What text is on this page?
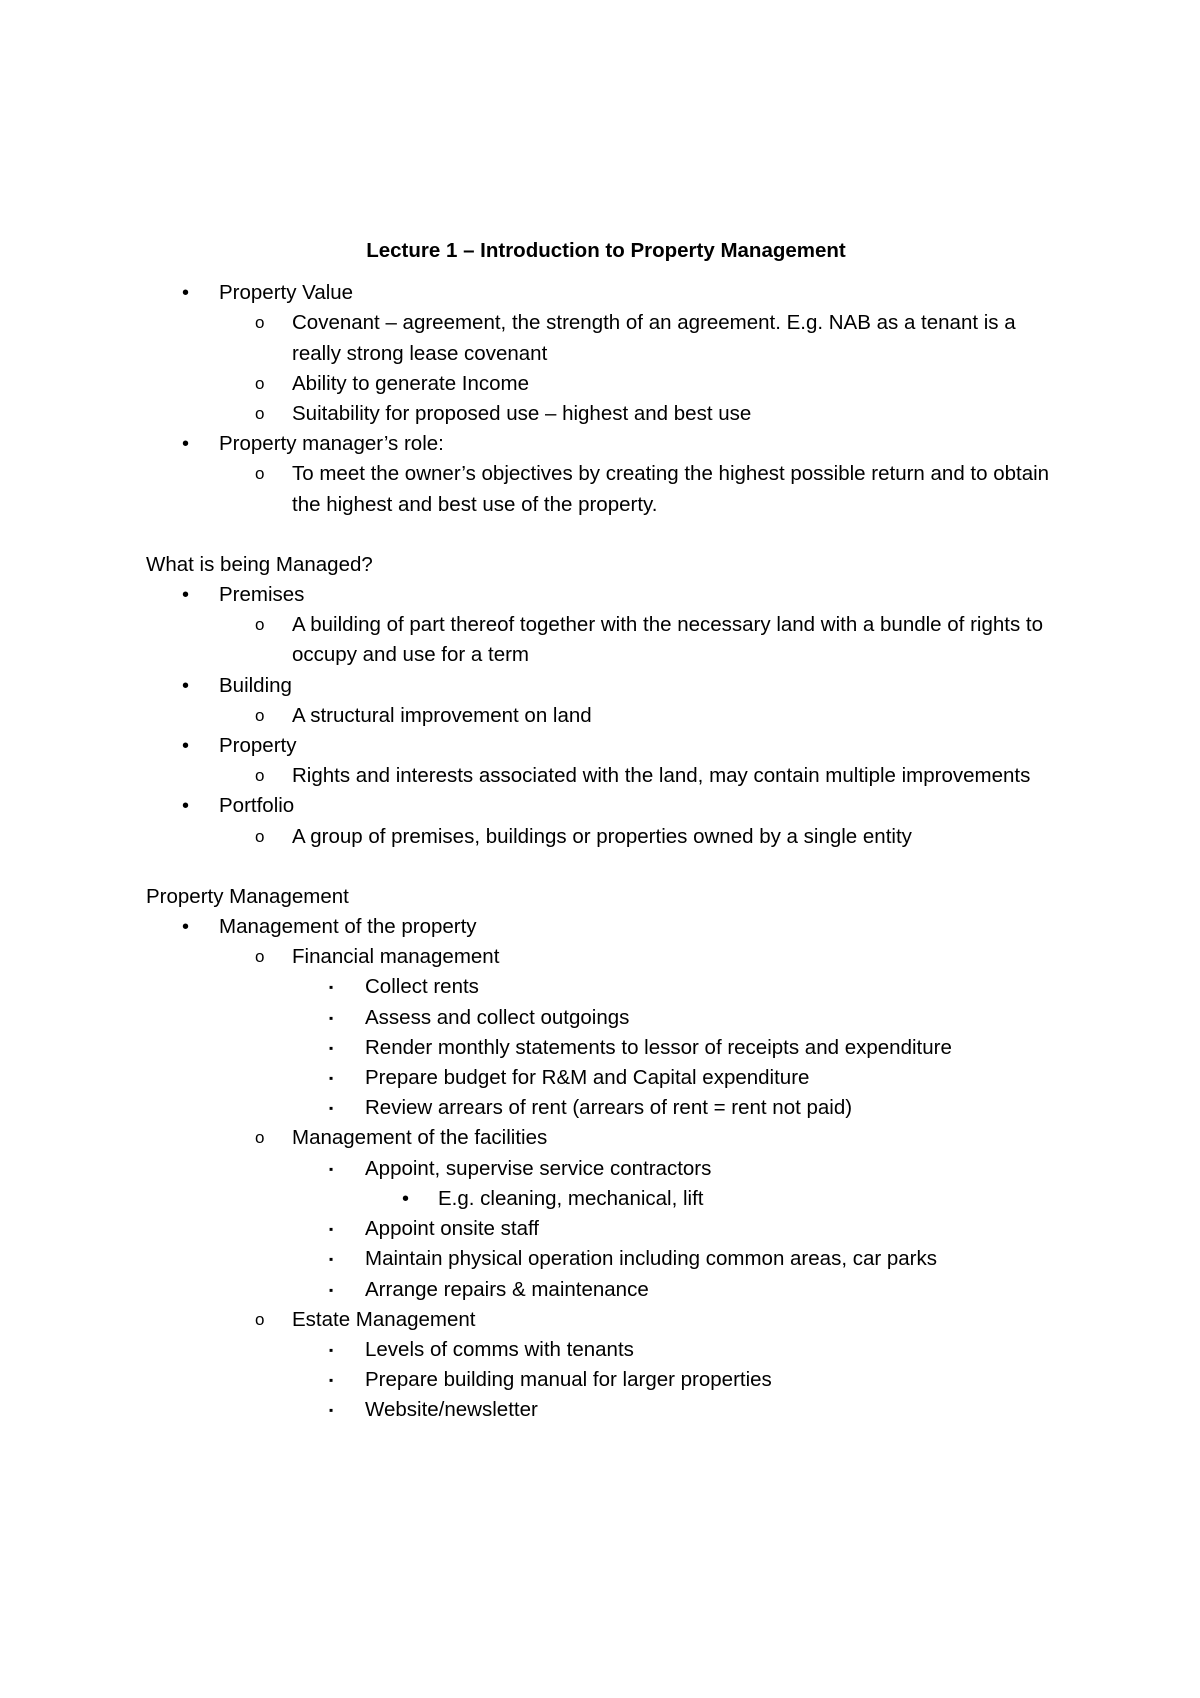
Lecture 1 – Introduction to Property Management
• Property Value
o Covenant – agreement, the strength of an agreement. E.g. NAB as a tenant is a really strong lease covenant
o Ability to generate Income
o Suitability for proposed use – highest and best use
• Property manager’s role:
o To meet the owner’s objectives by creating the highest possible return and to obtain the highest and best use of the property.
What is being Managed?
• Premises
o A building of part thereof together with the necessary land with a bundle of rights to occupy and use for a term
• Building
o A structural improvement on land
• Property
o Rights and interests associated with the land, may contain multiple improvements
• Portfolio
o A group of premises, buildings or properties owned by a single entity
Property Management
• Management of the property
o Financial management
▪ Collect rents
▪ Assess and collect outgoings
▪ Render monthly statements to lessor of receipts and expenditure
▪ Prepare budget for R&M and Capital expenditure
▪ Review arrears of rent (arrears of rent = rent not paid)
o Management of the facilities
▪ Appoint, supervise service contractors
• E.g. cleaning, mechanical, lift
▪ Appoint onsite staff
▪ Maintain physical operation including common areas, car parks
▪ Arrange repairs & maintenance
o Estate Management
▪ Levels of comms with tenants
▪ Prepare building manual for larger properties
▪ Website/newsletter
